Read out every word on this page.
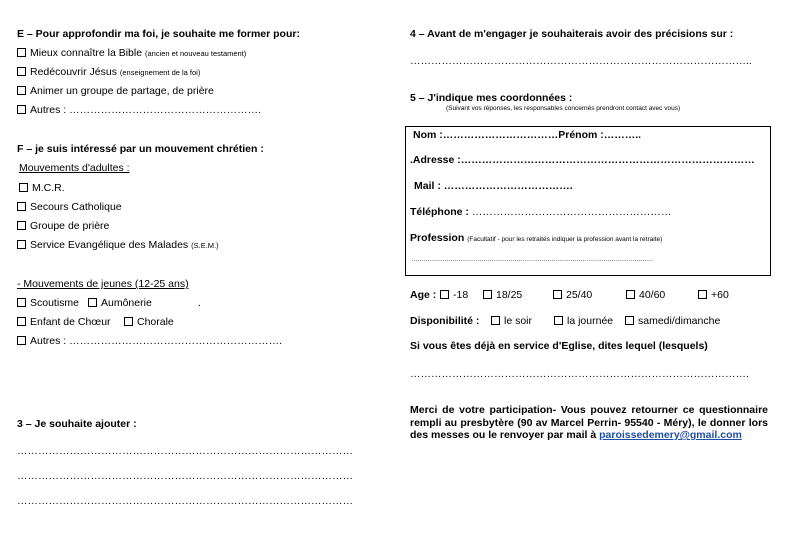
E – Pour approfondir ma foi, je souhaite me former pour:
Mieux connaître la Bible (ancien et nouveau testament)
Redécouvrir Jésus (enseignement de la foi)
Animer un groupe de partage, de prière
Autres : ……………………………………………….
F – je suis intéressé par un mouvement chrétien :
Mouvements d'adultes :
M.C.R.
Secours Catholique
Groupe de prière
Service Evangélique des Malades (S.E.M.)
- Mouvements de jeunes (12-25 ans)
Scoutisme	Aumônerie	.
Enfant de Chœur	Chorale
Autres : …………………………………………………….
3 – Je souhaite ajouter :
……………………………………………………………………………………
……………………………………………………………………………………
……………………………………………………………………………………
4 – Avant de m'engager je souhaiterais avoir des précisions sur :
……………………………………………………………………………………..
5 – J'indique mes coordonnées :
(Suivant vos réponses, les responsables concernés prendront contact avec vous)
Nom :……………………………Prénom :………..
.Adresse :…………………………………………………………………………
Mail : ……………………………….
Téléphone : …………………………………………………
Profession (Facultatif - pour les retraités indiquer la profession avant la retraite)
………………………………………………………………………………………………………
Age :	-18	18/25	25/40	40/60	+60
Disponibilité :	le soir	la journée	samedi/dimanche
Si vous êtes déjà en service d'Eglise, dites lequel (lesquels)
…………………………………………………………………………………….
Merci de votre participation- Vous pouvez retourner ce questionnaire rempli au presbytère (90 av Marcel Perrin- 95540 - Méry), le donner lors des messes ou le renvoyer par mail à paroissedemery@gmail.com
